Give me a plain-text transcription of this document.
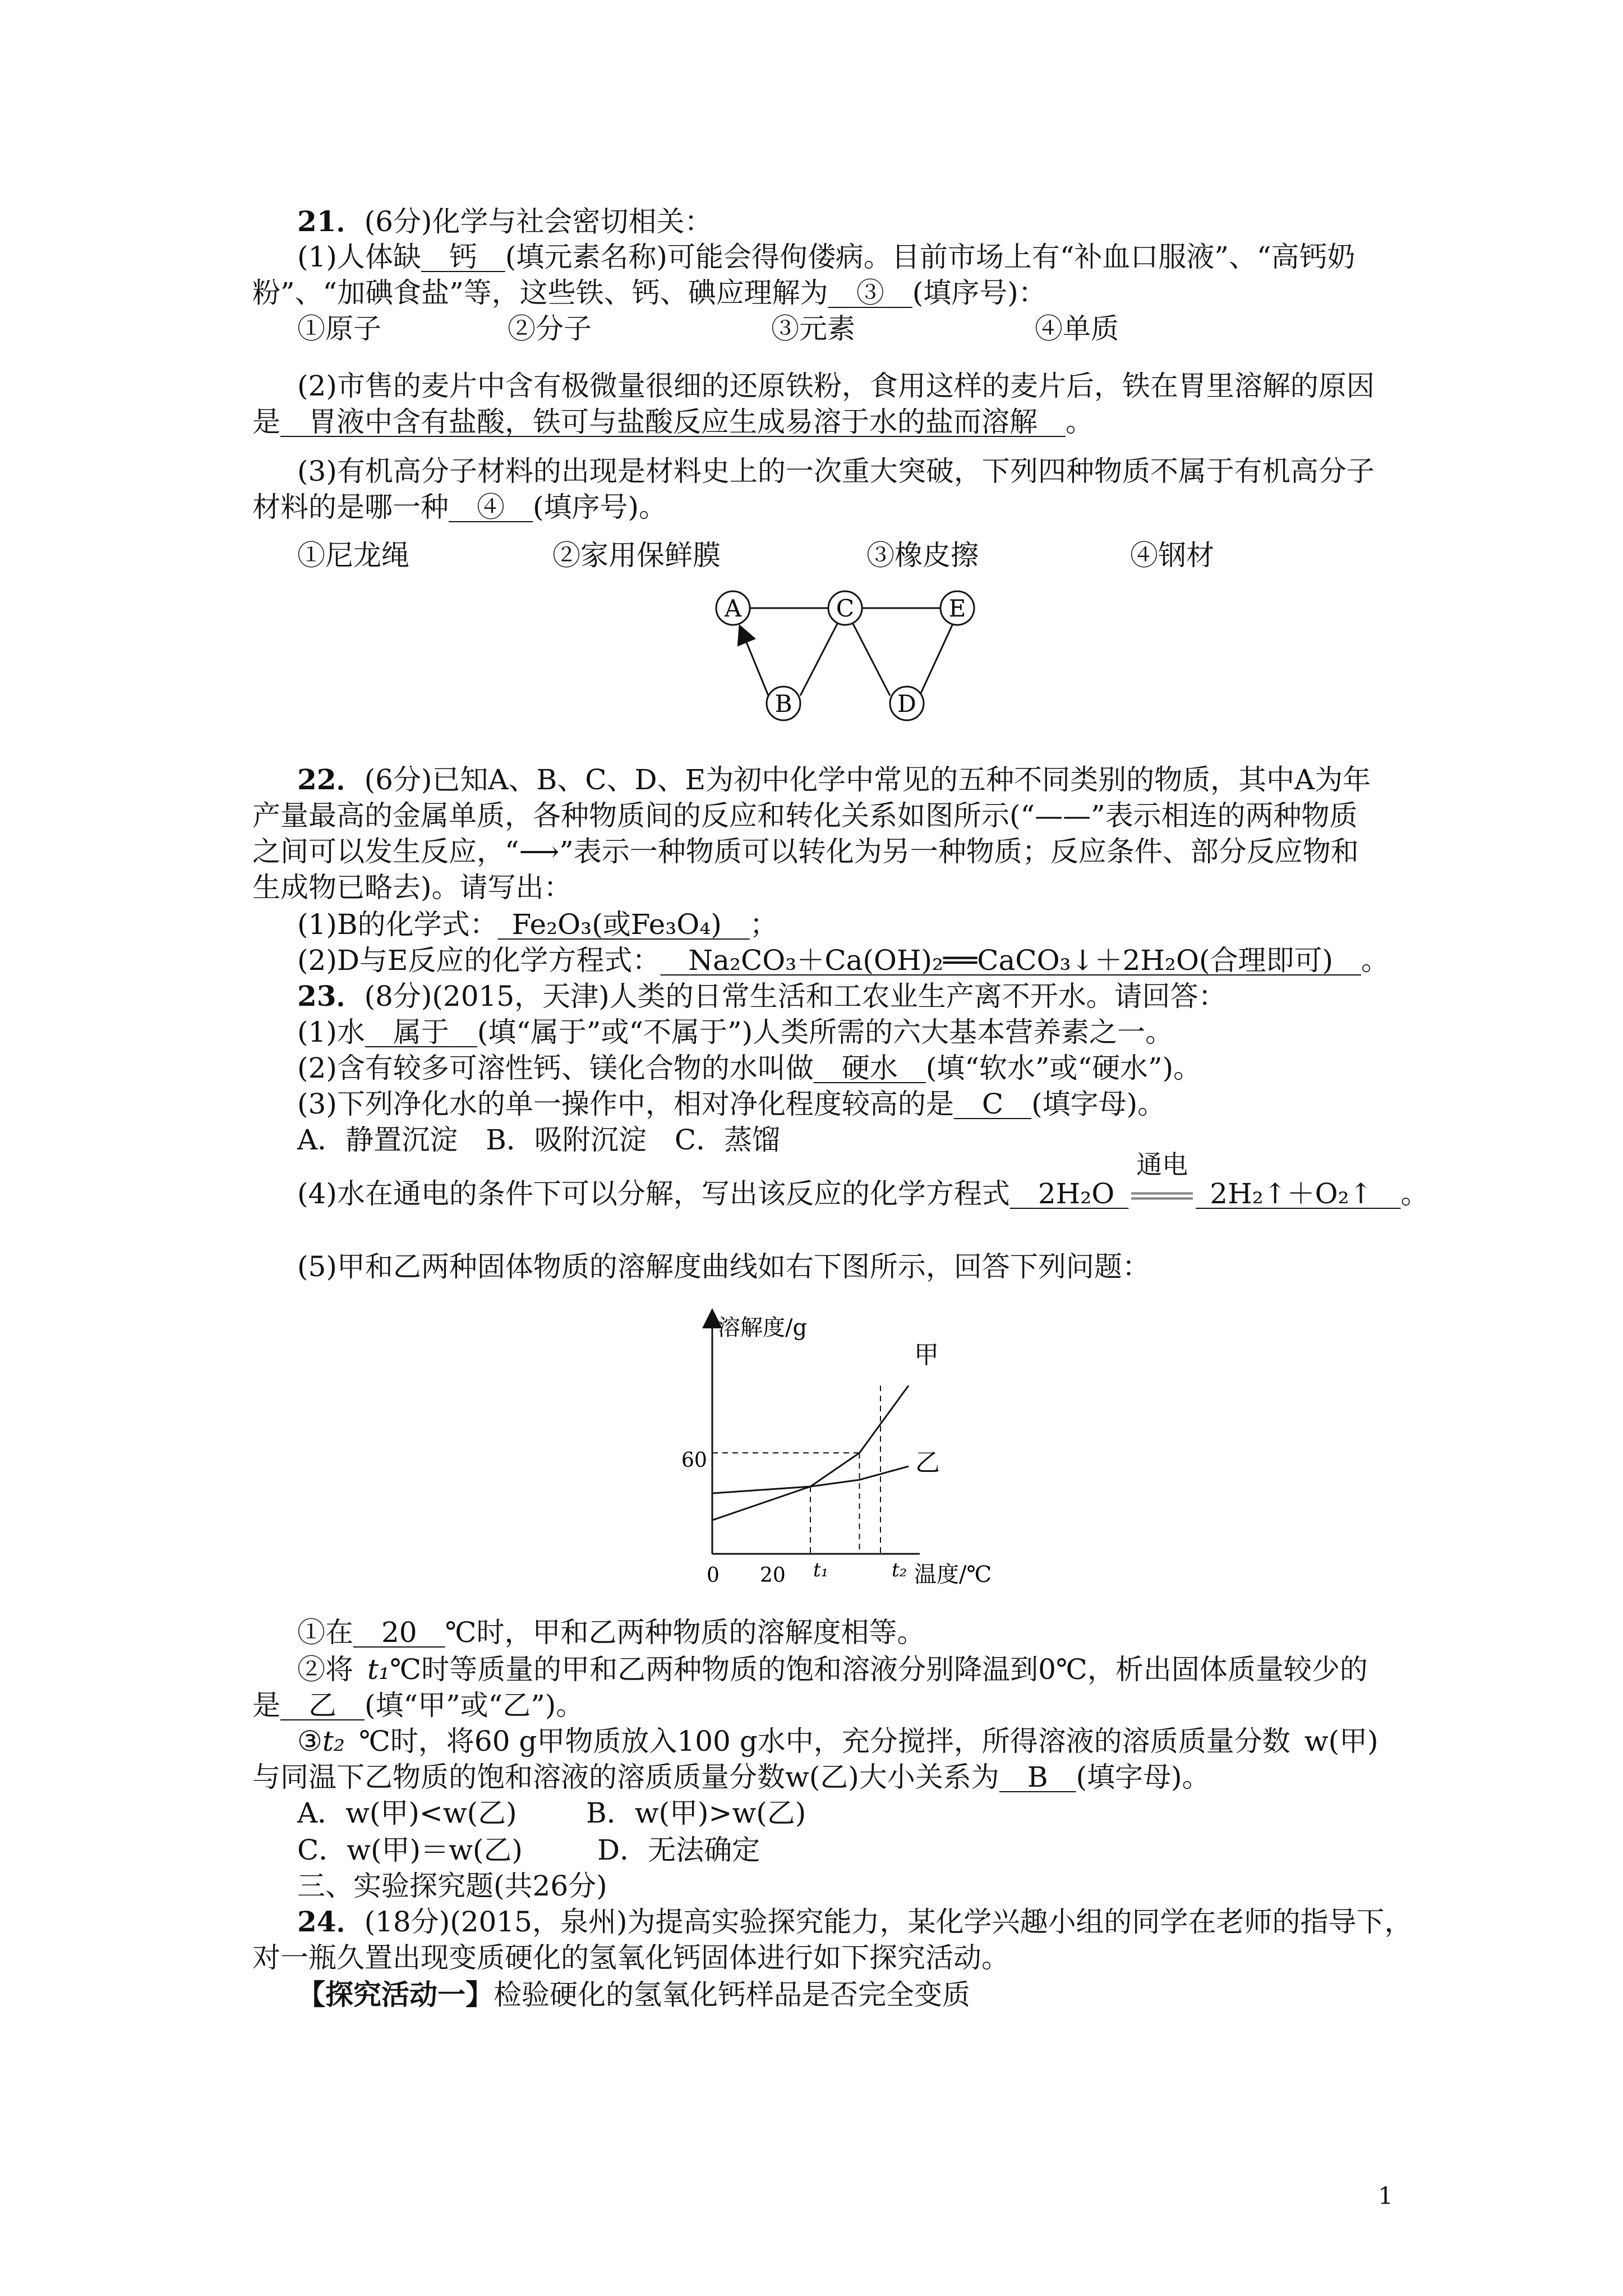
21．(6分)化学与社会密切相关：
(1)人体缺   钙   (填元素名称)可能会得佝偻病。目前市场上有“补血口服液”、“高钙奶
粉”、“加碘食盐”等，这些铁、钙、碘应理解为   ③   (填序号)：
①原子	②分子	③元素	④单质
(2)市售的麦片中含有极微量很细的还原铁粉，食用这样的麦片后，铁在胃里溶解的原因
是   胃液中含有盐酸，铁可与盐酸反应生成易溶于水的盐而溶解   。
(3)有机高分子材料的出现是材料史上的一次重大突破，下列四种物质不属于有机高分子
材料的是哪一种   ④   (填序号)。
①尼龙绳	②家用保鲜膜	③橡皮擦	④钢材
A	C	E
B	D
22．(6分)已知A、B、C、D、E为初中化学中常见的五种不同类别的物质，其中A为年
产量最高的金属单质，各种物质间的反应和转化关系如图所示(“——”表示相连的两种物质
之间可以发生反应，“⟶”表示一种物质可以转化为另一种物质；反应条件、部分反应物和
生成物已略去)。请写出：
(1)B的化学式：  Fe₂O₃(或Fe₃O₄)   ；
(2)D与E反应的化学方程式：   Na₂CO₃＋Ca(OH)₂══CaCO₃↓＋2H₂O(合理即可)   。
23．(8分)(2015，天津)人类的日常生活和工农业生产离不开水。请回答：
(1)水   属于   (填“属于”或“不属于”)人类所需的六大基本营养素之一。
(2)含有较多可溶性钙、镁化合物的水叫做   硬水   (填“软水”或“硬水”)。
(3)下列净化水的单一操作中，相对净化程度较高的是   C   (填字母)。
A．静置沉淀　B．吸附沉淀　C．蒸馏
(4)水在通电的条件下可以分解，写出该反应的化学方程式   2H₂O 
通电
 2H₂↑＋O₂↑   。
(5)甲和乙两种固体物质的溶解度曲线如右下图所示，回答下列问题：
溶解度/g
温度/℃
0 20 t₁	t₂
60
甲
乙
①在   20   ℃时，甲和乙两种物质的溶解度相等。
②将  t₁℃时等质量的甲和乙两种物质的饱和溶液分别降温到0℃，析出固体质量较少的
是   乙   (填“甲”或“乙”)。
③t₂  ℃时，将60 g甲物质放入100 g水中，充分搅拌，所得溶液的溶质质量分数  w(甲)
与同温下乙物质的饱和溶液的溶质质量分数w(乙)大小关系为   B   (填字母)。
A．w(甲)<w(乙) B．w(甲)>w(乙)
C．w(甲)＝w(乙)	D．无法确定
三、实验探究题(共26分)
24．(18分)(2015，泉州)为提高实验探究能力，某化学兴趣小组的同学在老师的指导下，
对一瓶久置出现变质硬化的氢氧化钙固体进行如下探究活动。
【探究活动一】检验硬化的氢氧化钙样品是否完全变质
1
